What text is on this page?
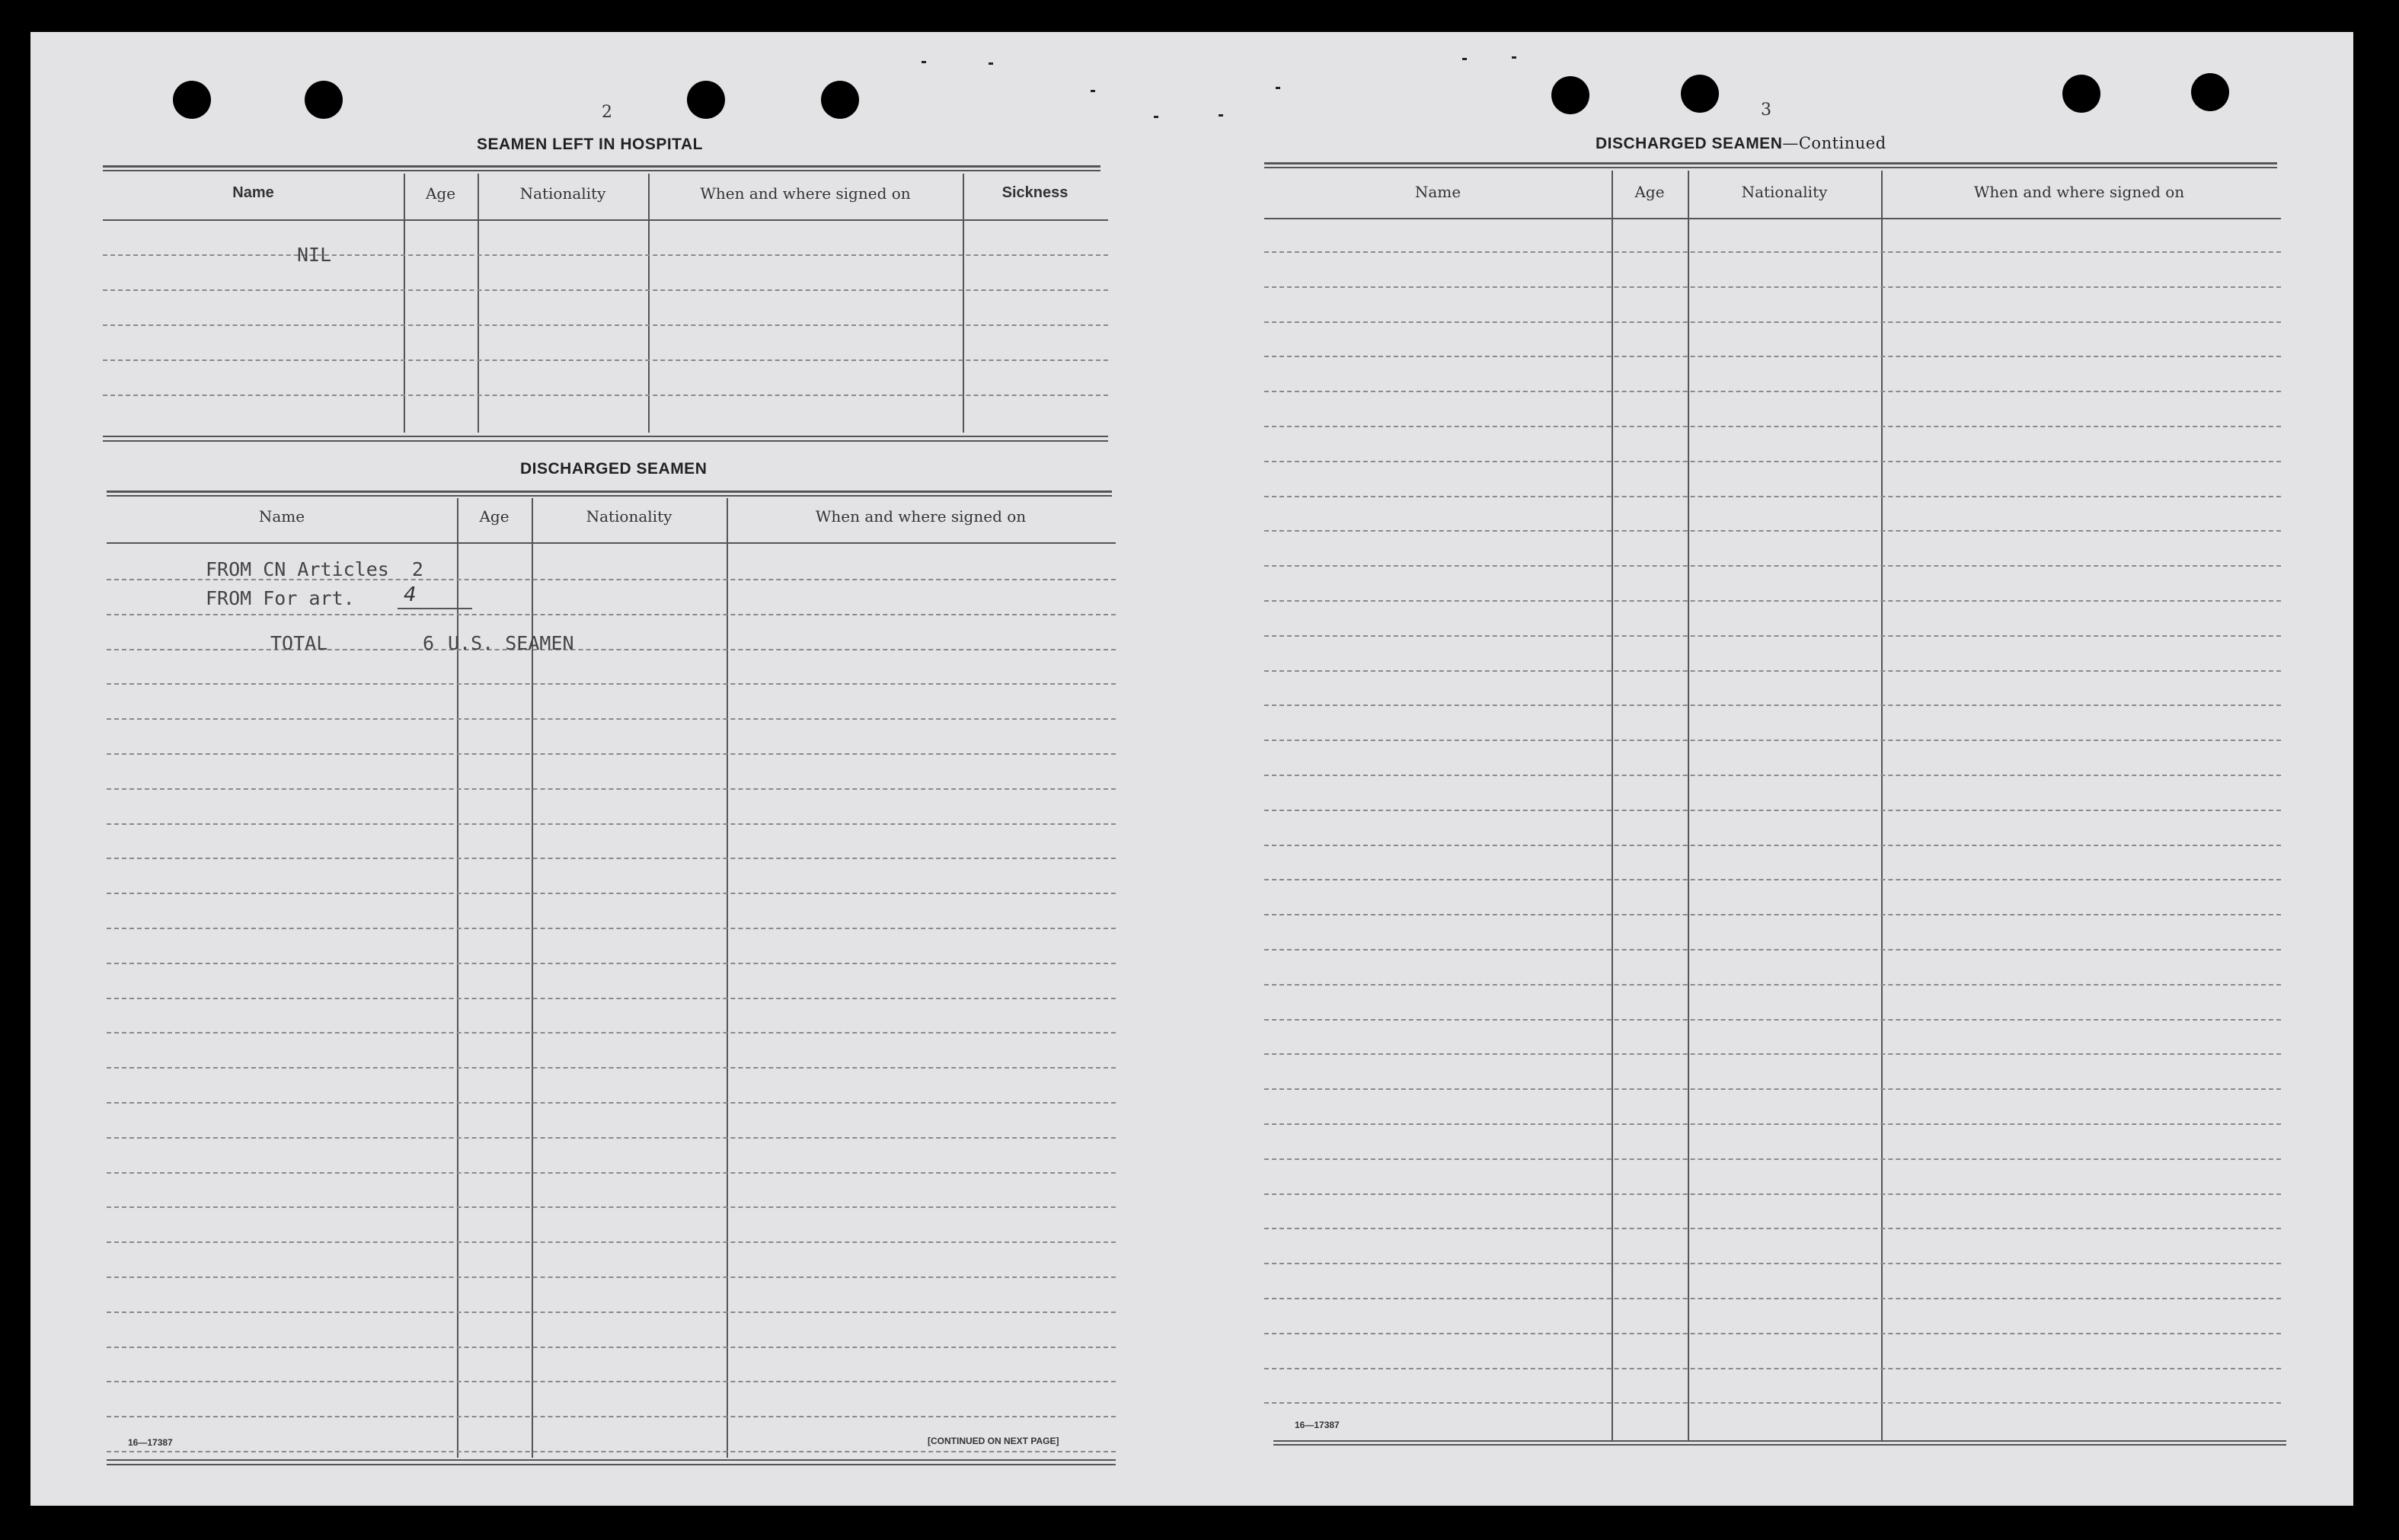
2
SEAMEN LEFT IN HOSPITAL
Name	Age	Nationality	When and where signed on	Sickness
NIL
DISCHARGED SEAMEN
Name	Age	Nationality	When and where signed on
FROM CN Articles  2
FROM For art. 4
TOTAL	6 U.S. SEAMEN
16—17387	[CONTINUED ON NEXT PAGE]
3
DISCHARGED SEAMEN—Continued
Name	Age	Nationality	When and where signed on
16—17387
